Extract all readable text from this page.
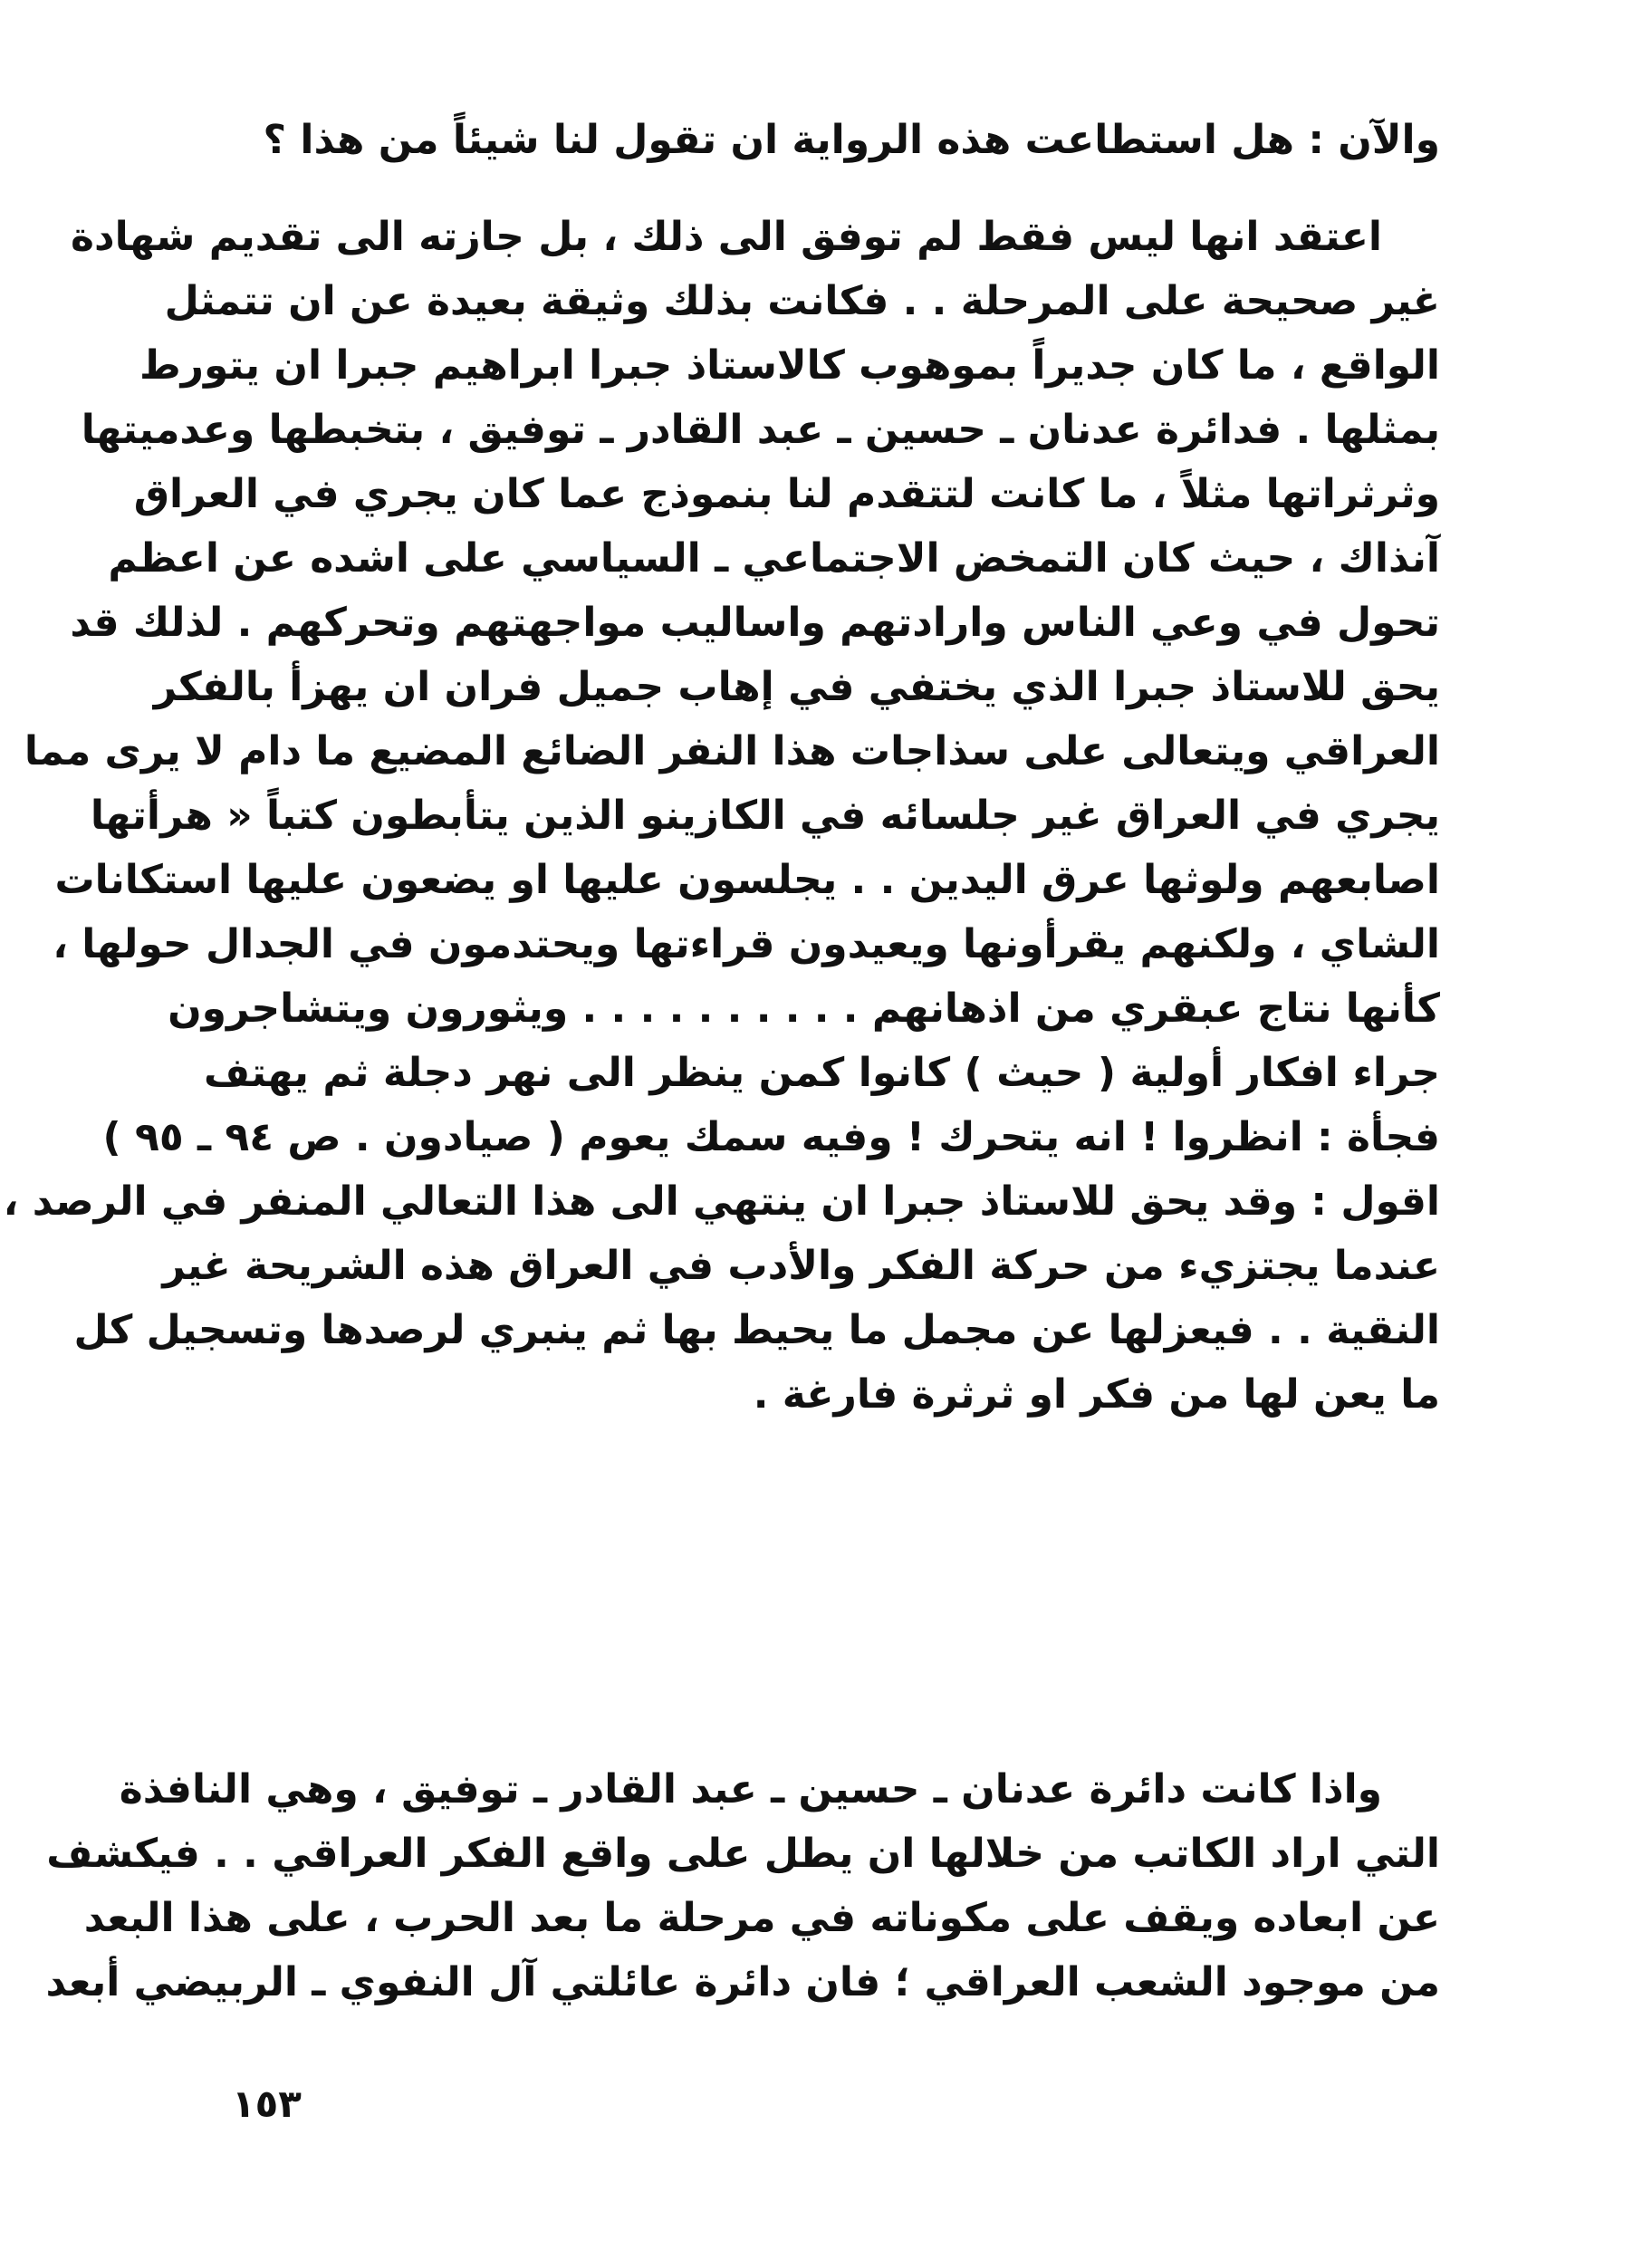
والآن : هل استطاعت هذه الرواية ان تقول لنا شيئاً من هذا ؟
اعتقد انها ليس فقط لم توفق الى ذلك ، بل جازته الى تقديم شهادة
غير صحيحة على المرحلة . . فكانت بذلك وثيقة بعيدة عن ان تتمثل
الواقع ، ما كان جديراً بموهوب كالاستاذ جبرا ابراهيم جبرا ان يتورط
بمثلها . فدائرة عدنان ـ حسين ـ عبد القادر ـ توفيق ، بتخبطها وعدميتها
وثرثراتها مثلاً ، ما كانت لتتقدم لنا بنموذج عما كان يجري في العراق
آنذاك ، حيث كان التمخض الاجتماعي ـ السياسي على اشده عن اعظم
تحول في وعي الناس وارادتهم واساليب مواجهتهم وتحركهم . لذلك قد
يحق للاستاذ جبرا الذي يختفي في إهاب جميل فران ان يهزأ بالفكر
العراقي ويتعالى على سذاجات هذا النفر الضائع المضيع ما دام لا يرى مما
يجري في العراق غير جلسائه في الكازينو الذين يتأبطون كتباً « هرأتها
اصابعهم ولوثها عرق اليدين . . يجلسون عليها او يضعون عليها استكانات
الشاي ، ولكنهم يقرأونها ويعيدون قراءتها ويحتدمون في الجدال حولها ،
كأنها نتاج عبقري من اذهانهم . . . . . . . . . . ويثورون ويتشاجرون
جراء افكار أولية ( حيث ) كانوا كمن ينظر الى نهر دجلة ثم يهتف
فجأة : انظروا ! انه يتحرك ! وفيه سمك يعوم ( صيادون . ص ٩٤ ـ ٩٥ )
اقول : وقد يحق للاستاذ جبرا ان ينتهي الى هذا التعالي المنفر في الرصد ،
عندما يجتزيء من حركة الفكر والأدب في العراق هذه الشريحة غير
النقية . . فيعزلها عن مجمل ما يحيط بها ثم ينبري لرصدها وتسجيل كل
ما يعن لها من فكر او ثرثرة فارغة .
واذا كانت دائرة عدنان ـ حسين ـ عبد القادر ـ توفيق ، وهي النافذة
التي اراد الكاتب من خلالها ان يطل على واقع الفكر العراقي . . فيكشف
عن ابعاده ويقف على مكوناته في مرحلة ما بعد الحرب ، على هذا البعد
من موجود الشعب العراقي ؛ فان دائرة عائلتي آل النفوي ـ الربيضي أبعد
١٥٣
